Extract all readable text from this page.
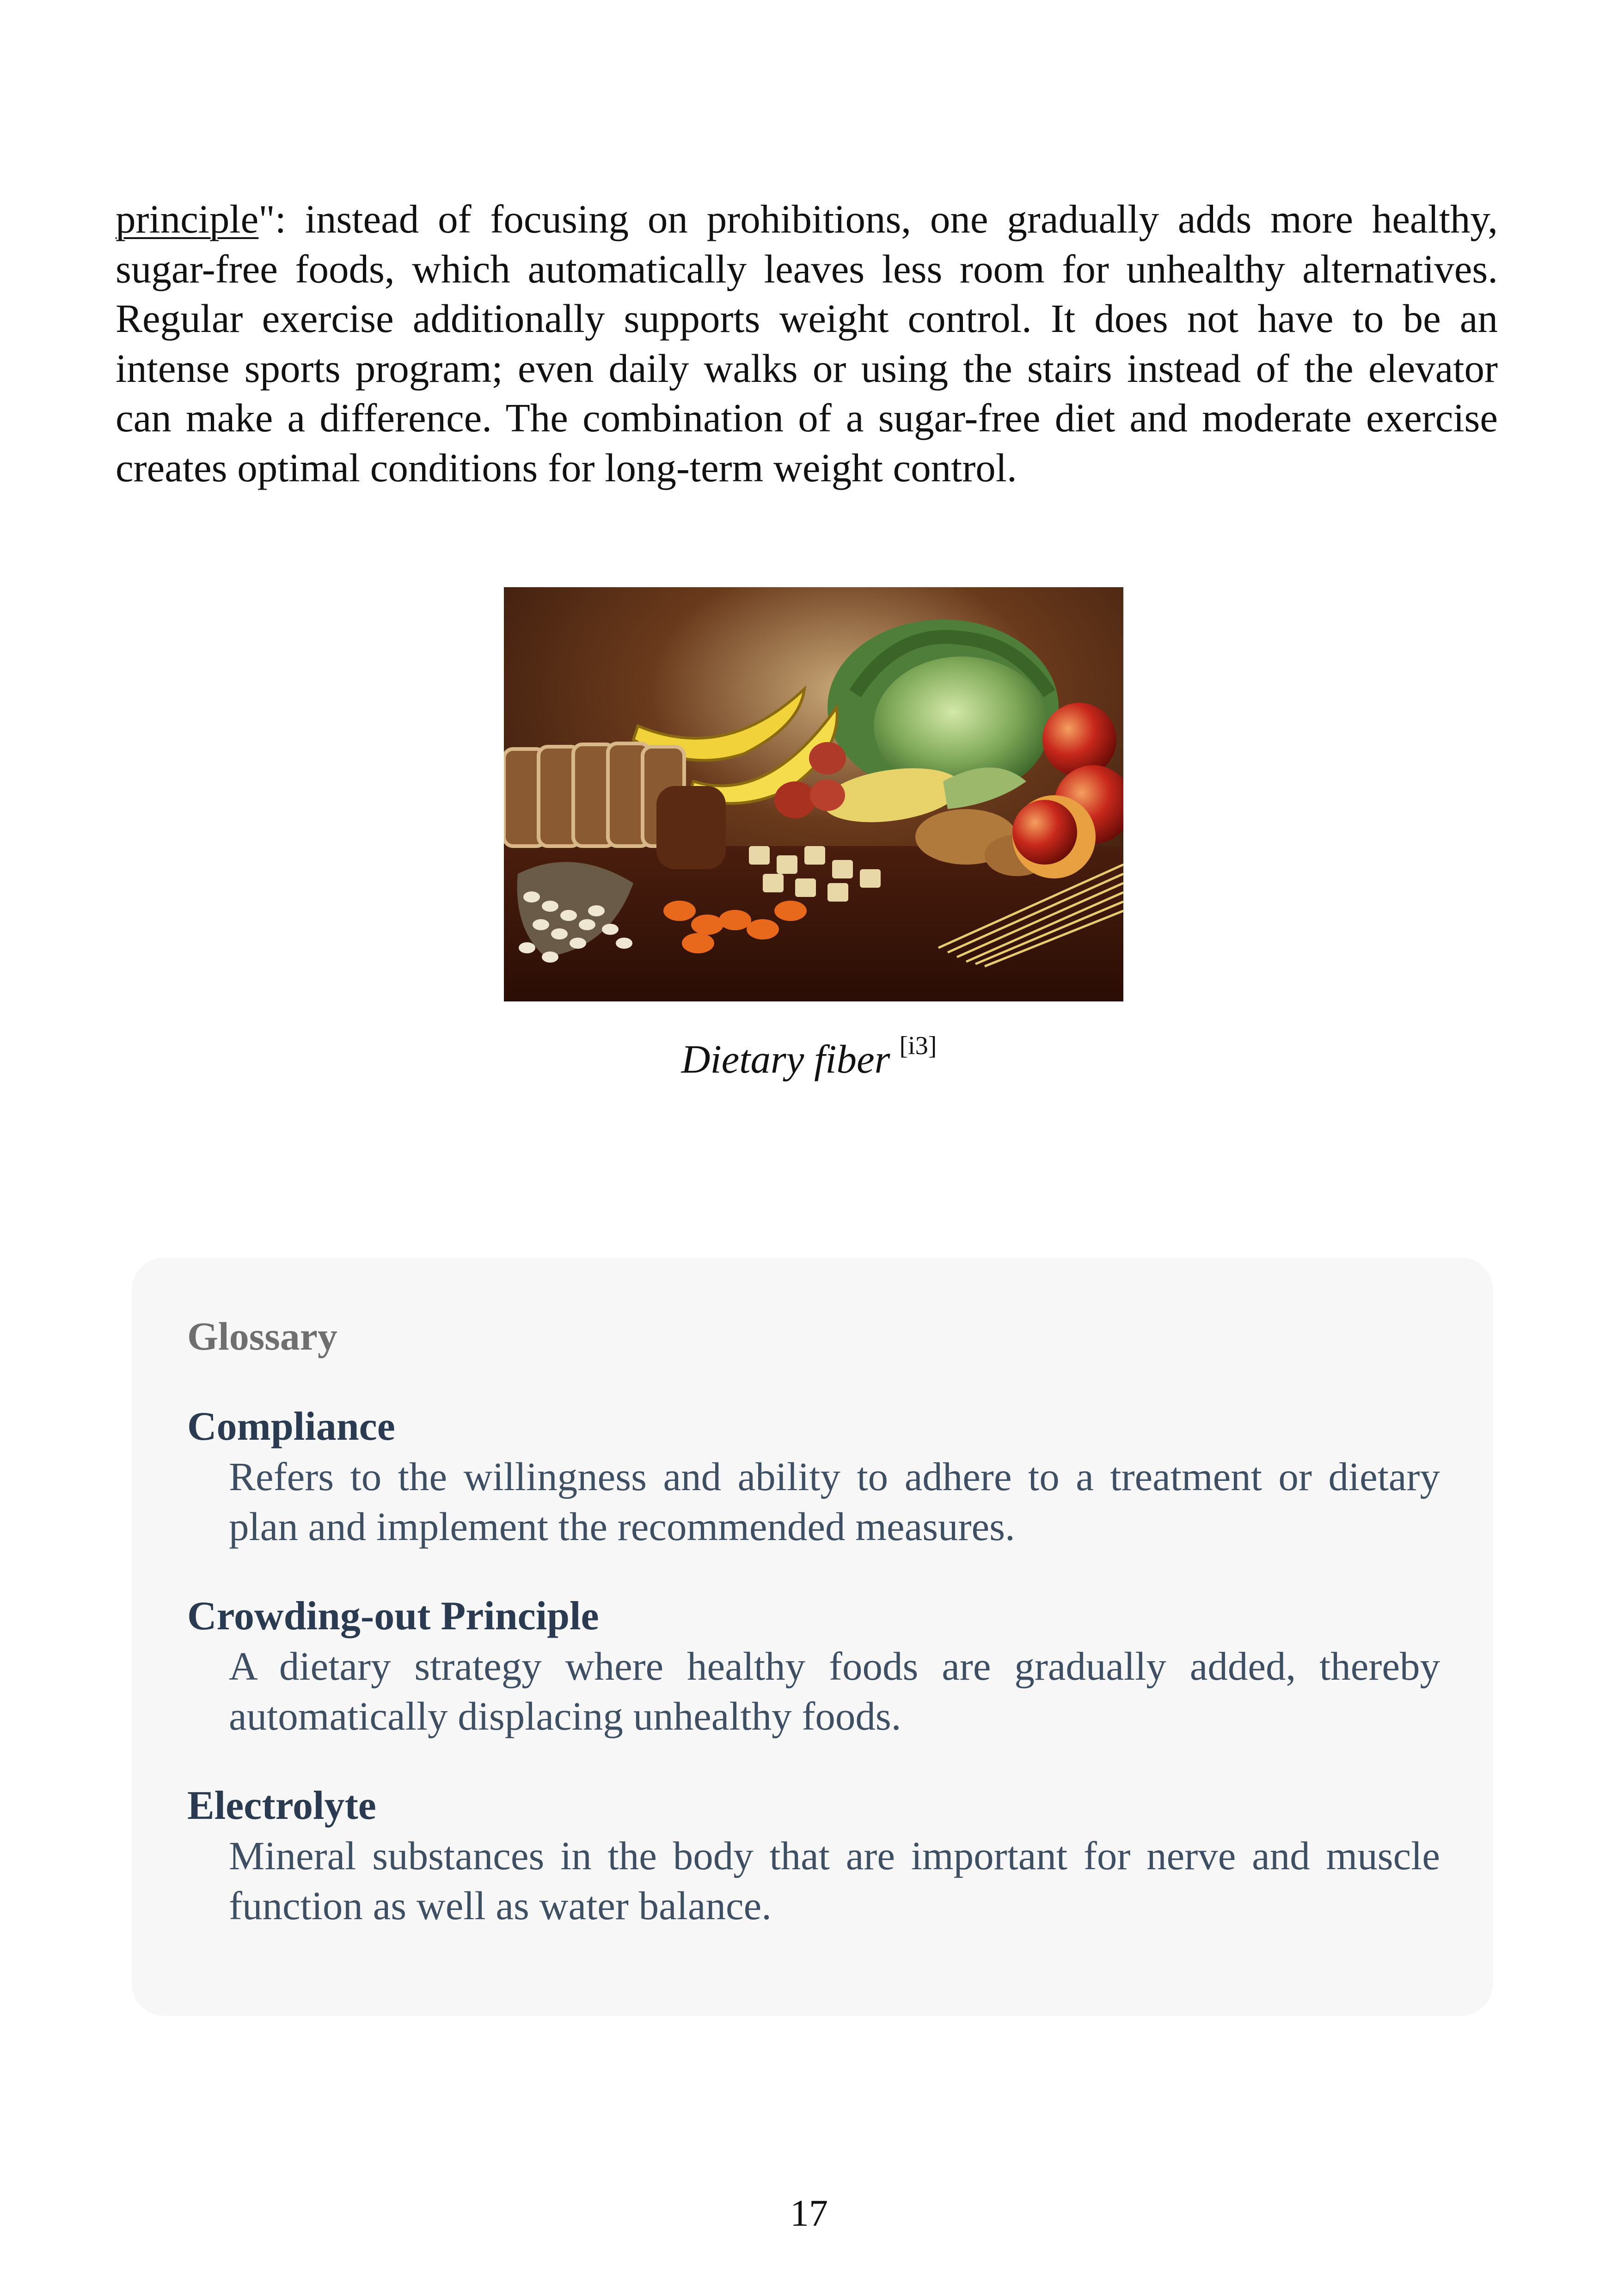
principle": instead of focusing on prohibitions, one gradually adds more healthy, sugar-free foods, which automatically leaves less room for unhealthy alternatives. Regular exercise additionally supports weight control. It does not have to be an intense sports program; even daily walks or using the stairs instead of the elevator can make a difference. The combination of a sugar-free diet and moderate exercise creates optimal conditions for long-term weight control.

Dietary fiber [i3]

Glossary

Compliance

Refers to the willingness and ability to adhere to a treatment or dietary plan and implement the recommended measures.

Crowding-out Principle

A dietary strategy where healthy foods are gradually added, thereby automatically displacing unhealthy foods.

Electrolyte

Mineral substances in the body that are important for nerve and muscle function as well as water balance.

17
